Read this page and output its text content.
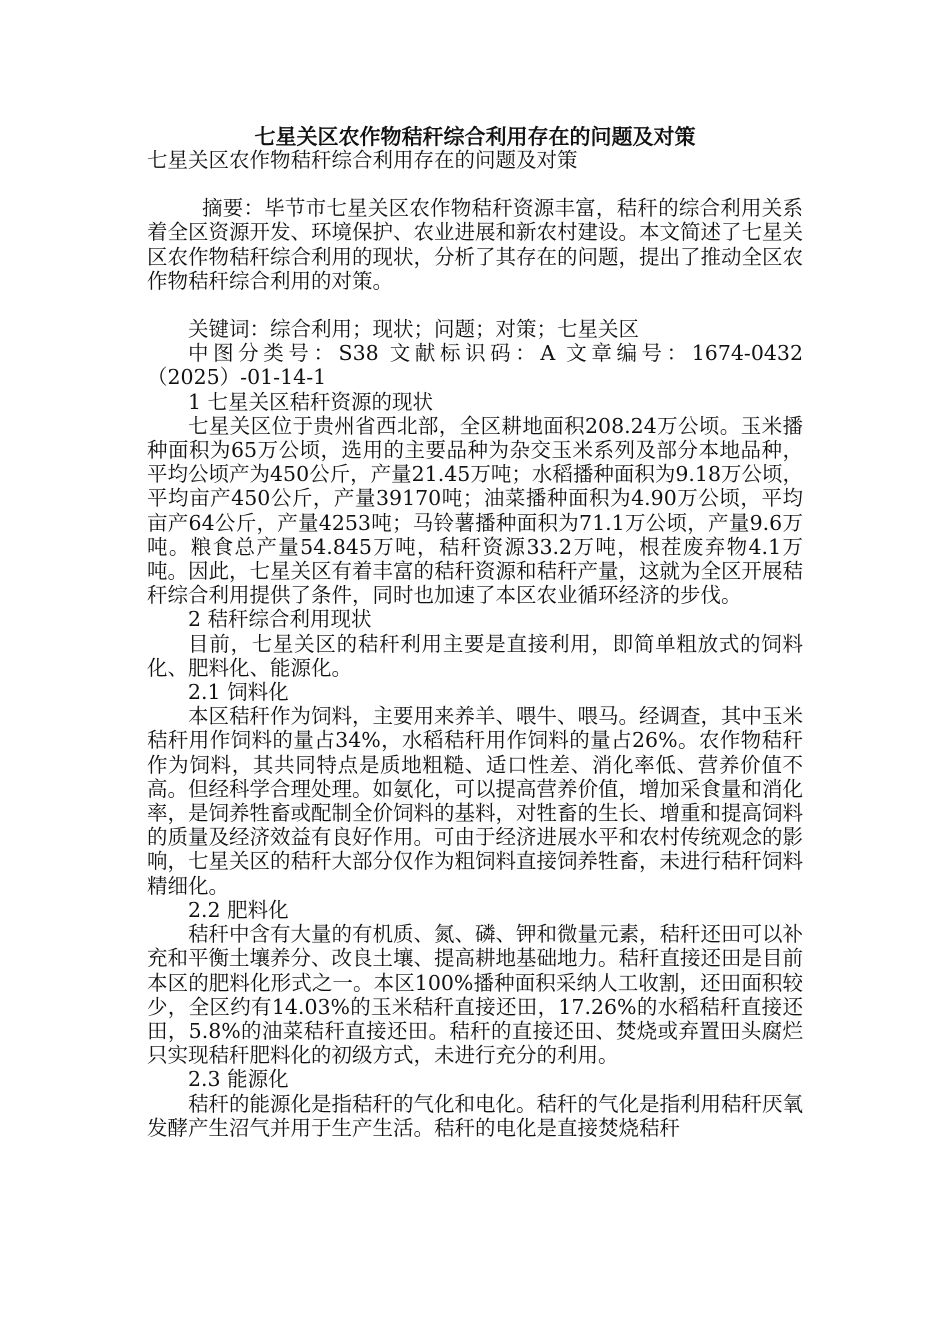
七星关区农作物秸秆综合利用存在的问题及对策

七星关区农作物秸秆综合利用存在的问题及对策

摘要：毕节市七星关区农作物秸秆资源丰富，秸秆的综合利用关系着全区资源开发、环境保护、农业进展和新农村建设。本文简述了七星关区农作物秸秆综合利用的现状，分析了其存在的问题，提出了推动全区农作物秸秆综合利用的对策。

关键词：综合利用；现状；问题；对策；七星关区

中图分类号：S38 文献标识码：A 文章编号：1674-0432（2025）-01-14-1

1 七星关区秸秆资源的现状

七星关区位于贵州省西北部，全区耕地面积208.24万公顷。玉米播种面积为65万公顷，选用的主要品种为杂交玉米系列及部分本地品种，平均公顷产为450公斤，产量21.45万吨；水稻播种面积为9.18万公顷，平均亩产450公斤，产量39170吨；油菜播种面积为4.90万公顷，平均亩产64公斤，产量4253吨；马铃薯播种面积为71.1万公顷，产量9.6万吨。粮食总产量54.845万吨，秸秆资源33.2万吨，根茬废弃物4.1万吨。因此，七星关区有着丰富的秸秆资源和秸秆产量，这就为全区开展秸秆综合利用提供了条件，同时也加速了本区农业循环经济的步伐。

2 秸秆综合利用现状

目前，七星关区的秸秆利用主要是直接利用，即简单粗放式的饲料化、肥料化、能源化。

2.1 饲料化

本区秸秆作为饲料，主要用来养羊、喂牛、喂马。经调查，其中玉米秸秆用作饲料的量占34%，水稻秸秆用作饲料的量占26%。农作物秸秆作为饲料，其共同特点是质地粗糙、适口性差、消化率低、营养价值不高。但经科学合理处理。如氨化，可以提高营养价值，增加采食量和消化率，是饲养牲畜或配制全价饲料的基料，对牲畜的生长、增重和提高饲料的质量及经济效益有良好作用。可由于经济进展水平和农村传统观念的影响，七星关区的秸秆大部分仅作为粗饲料直接饲养牲畜，未进行秸秆饲料精细化。

2.2 肥料化

秸秆中含有大量的有机质、氮、磷、钾和微量元素，秸秆还田可以补充和平衡土壤养分、改良土壤、提高耕地基础地力。秸秆直接还田是目前本区的肥料化形式之一。本区100%播种面积采纳人工收割，还田面积较少，全区约有14.03%的玉米秸秆直接还田，17.26%的水稻秸秆直接还田，5.8%的油菜秸秆直接还田。秸秆的直接还田、焚烧或弃置田头腐烂只实现秸秆肥料化的初级方式，未进行充分的利用。

2.3 能源化

秸秆的能源化是指秸秆的气化和电化。秸秆的气化是指利用秸秆厌氧发酵产生沼气并用于生产生活。秸秆的电化是直接焚烧秸秆
